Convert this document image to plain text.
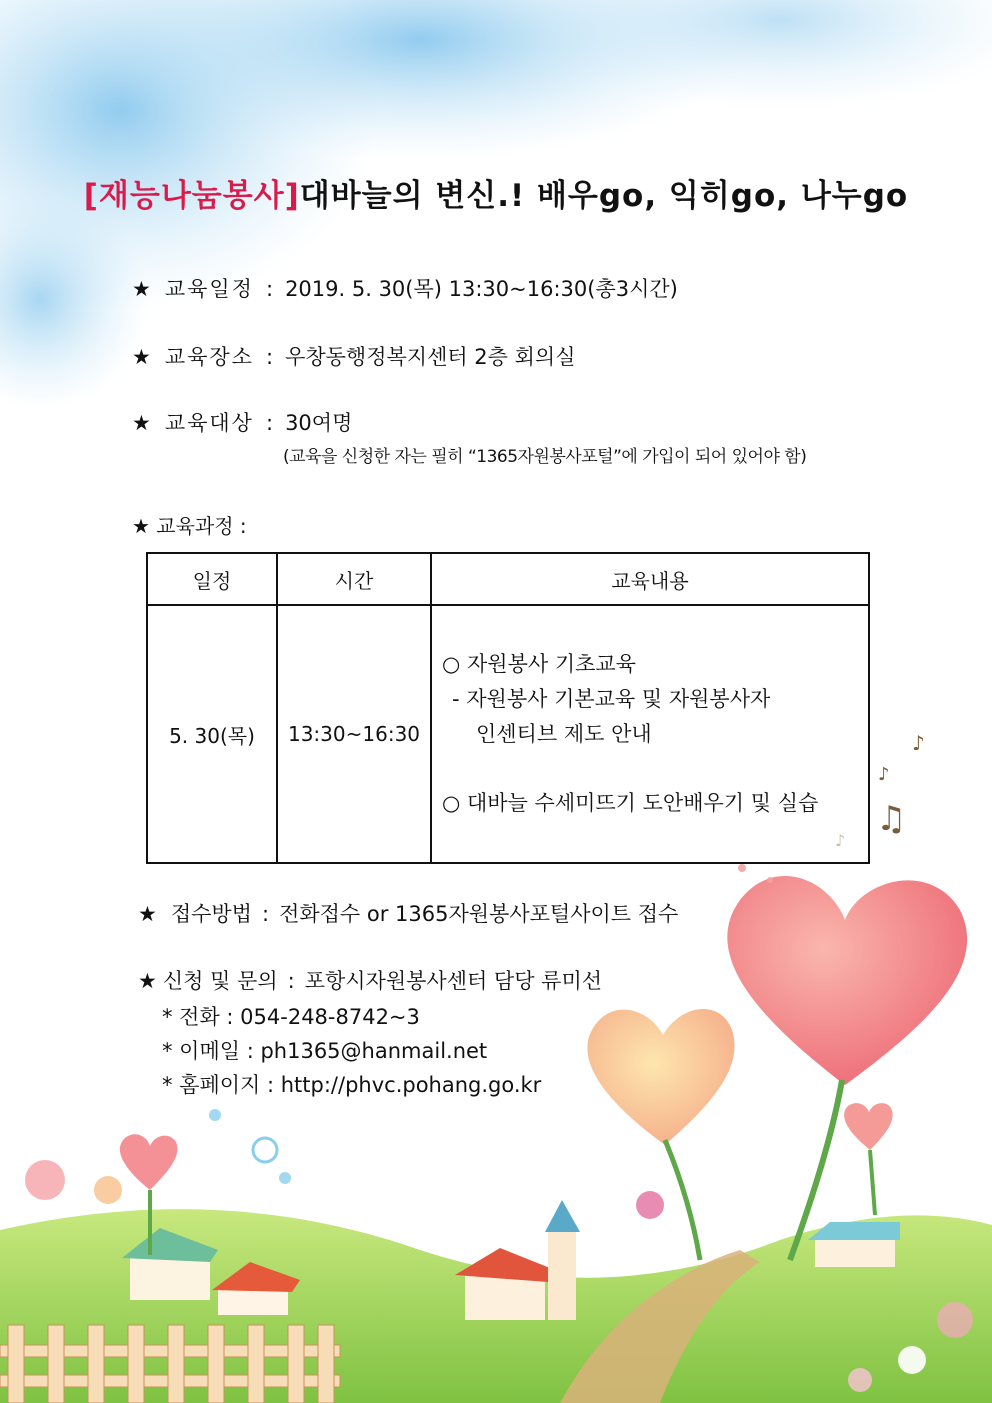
♫
♪
♪
[재능나눔봉사]대바늘의 변신.! 배우go, 익히go, 나누go
★ 교육일정 : 2019. 5. 30(목) 13:30~16:30(총3시간)
★ 교육장소 : 우창동행정복지센터 2층 회의실
★ 교육대상 : 30여명
(교육을 신청한 자는 필히 “1365자원봉사포털”에 가입이 되어 있어야 함)
★ 교육과정 :
일정	시간	교육내용
5. 30(목)	13:30~16:30	○ 자원봉사 기초교육
- 자원봉사 기본교육 및 자원봉사자
인센티브 제도 안내
○ 대바늘 수세미뜨기 도안배우기 및 실습
★ 접수방법 : 전화접수 or 1365자원봉사포털사이트 접수
★ 신청 및 문의 : 포항시자원봉사센터 담당 류미선
* 전화 : 054-248-8742~3
* 이메일 : ph1365@hanmail.net
* 홈페이지 : http://phvc.pohang.go.kr
